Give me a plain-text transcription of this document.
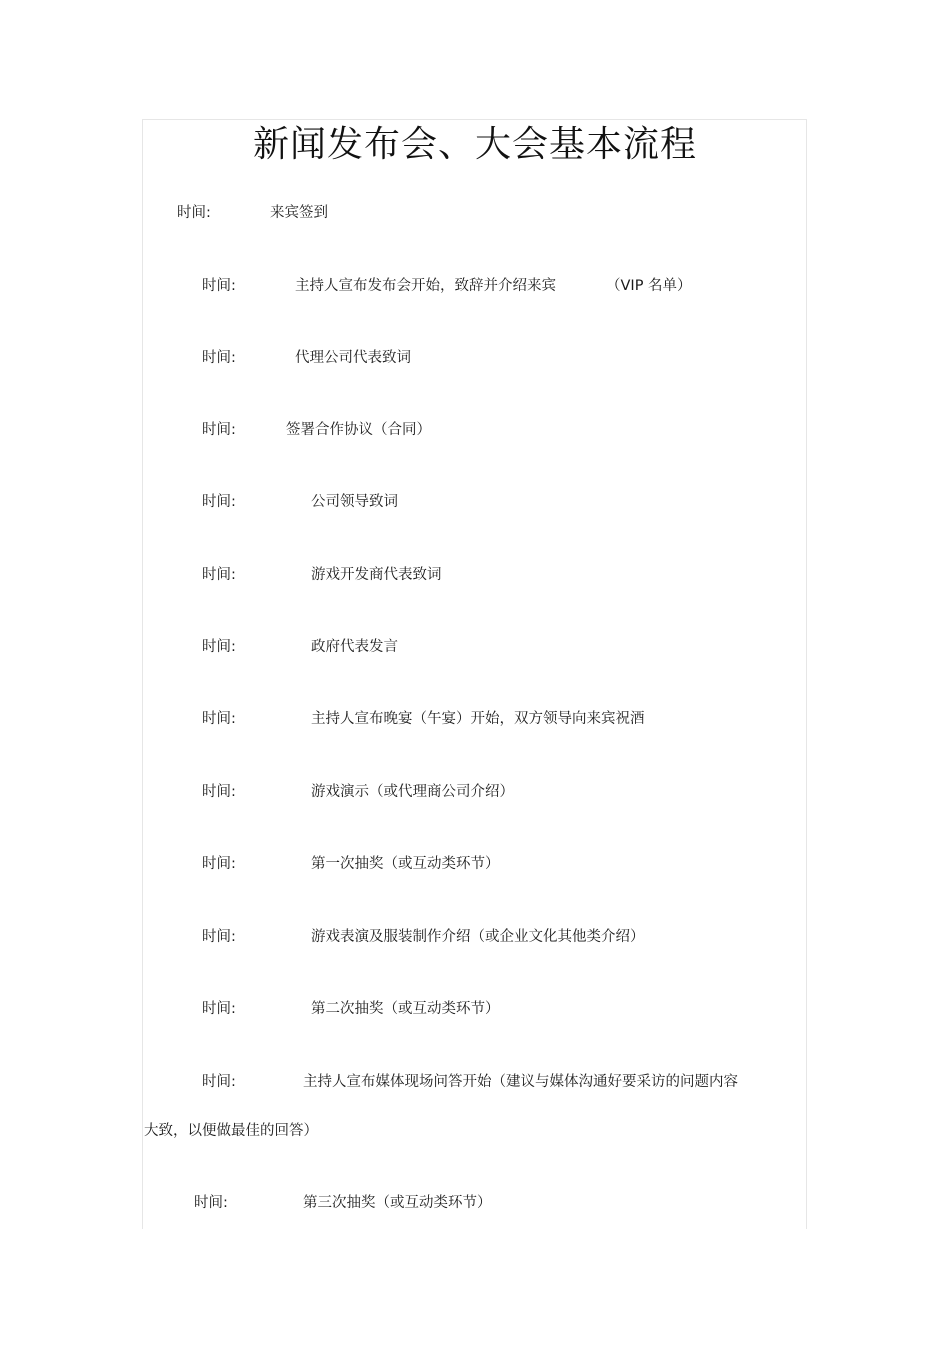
新闻发布会、大会基本流程
时间:	来宾签到
时间:	主持人宣布发布会开始，致辞并介绍来宾	（VIP 名单）
时间:	代理公司代表致词
时间:	签署合作协议（合同）
时间:	公司领导致词
时间:	游戏开发商代表致词
时间:	政府代表发言
时间:	主持人宣布晚宴（午宴）开始，双方领导向来宾祝酒
时间:	游戏演示（或代理商公司介绍）
时间:	第一次抽奖（或互动类环节）
时间:	游戏表演及服装制作介绍（或企业文化其他类介绍）
时间:	第二次抽奖（或互动类环节）
时间:	主持人宣布媒体现场问答开始（建议与媒体沟通好要采访的问题内容
大致，以便做最佳的回答）
时间:	第三次抽奖（或互动类环节）
